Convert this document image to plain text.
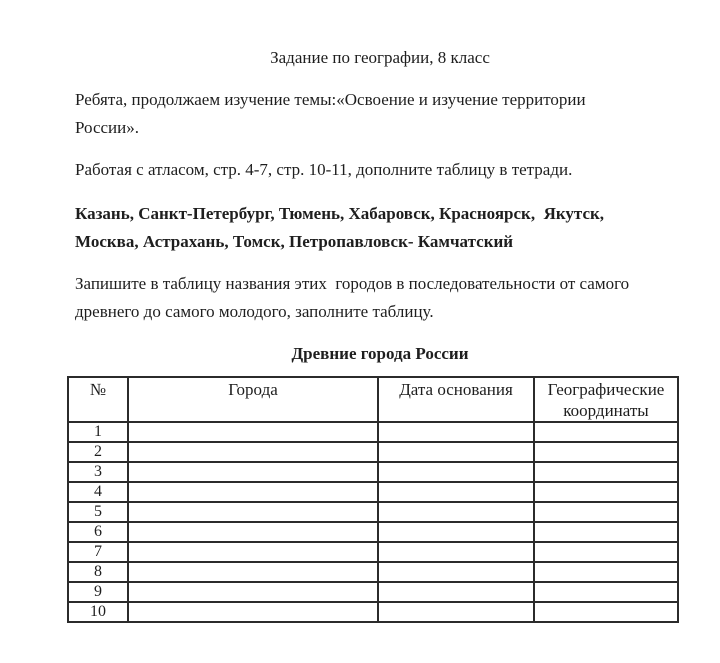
Задание по географии, 8 класс

Ребята, продолжаем изучение темы:«Освоение и изучение территории
России».

Работая с атласом, стр. 4-7, стр. 10-11, дополните таблицу в тетради.

Казань, Санкт-Петербург, Тюмень, Хабаровск, Красноярск,  Якутск,
Москва, Астрахань, Томск, Петропавловск- Камчатский

Запишите в таблицу названия этих  городов в последовательности от самого
древнего до самого молодого, заполните таблицу.

Древние города России
№	Города	Дата основания	Географические координаты
1			
2			
3			
4			
5			
6			
7			
8			
9			
10			
